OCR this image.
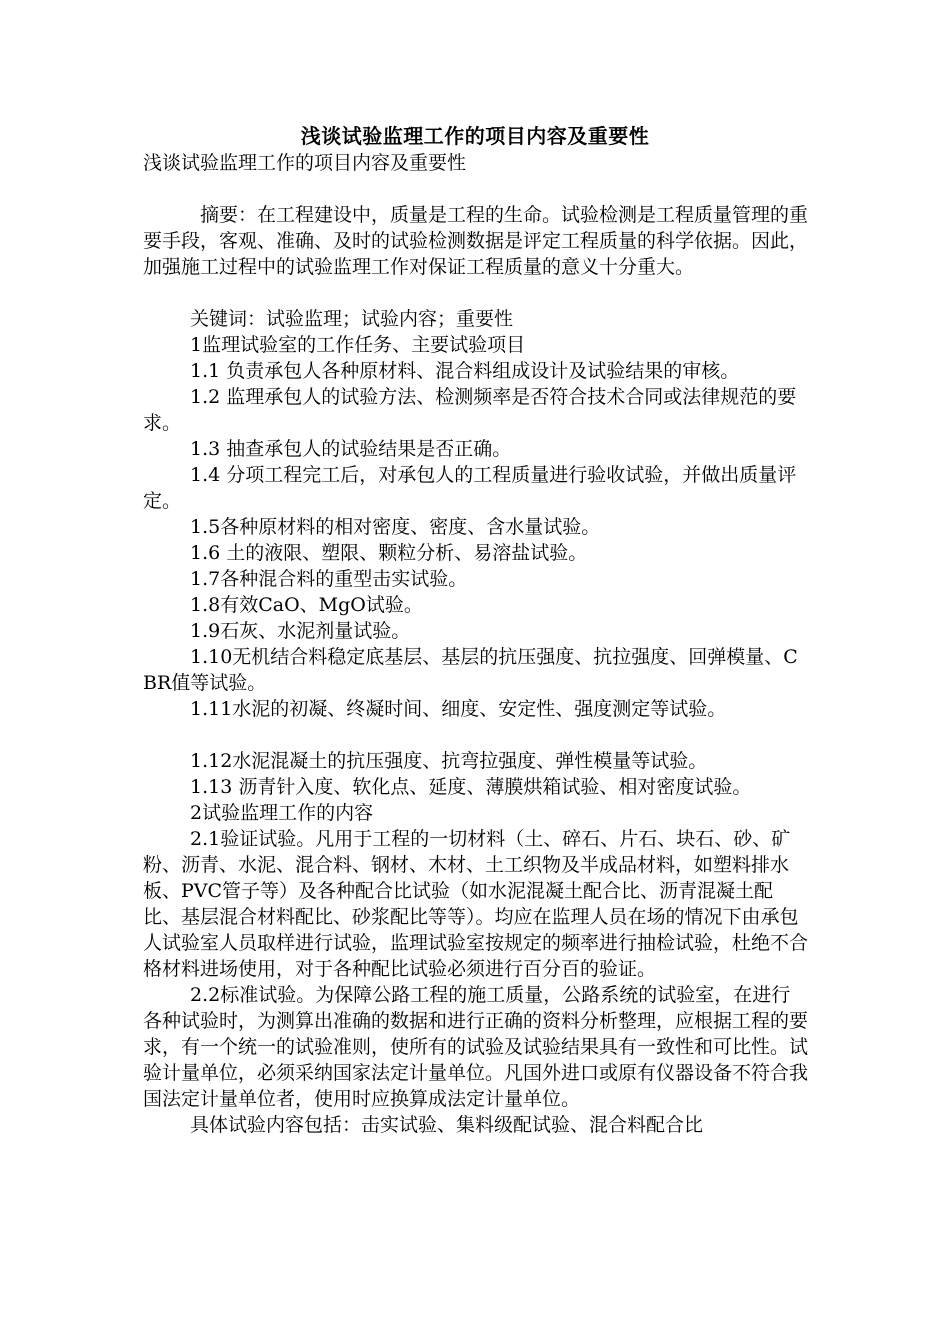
浅谈试验监理工作的项目内容及重要性

浅谈试验监理工作的项目内容及重要性

摘要：在工程建设中，质量是工程的生命。试验检测是工程质量管理的重要手段，客观、准确、及时的试验检测数据是评定工程质量的科学依据。因此，加强施工过程中的试验监理工作对保证工程质量的意义十分重大。

关键词：试验监理；试验内容；重要性

1监理试验室的工作任务、主要试验项目

1.1 负责承包人各种原材料、混合料组成设计及试验结果的审核。

1.2 监理承包人的试验方法、检测频率是否符合技术合同或法律规范的要求。

1.3 抽查承包人的试验结果是否正确。

1.4 分项工程完工后，对承包人的工程质量进行验收试验，并做出质量评定。

1.5各种原材料的相对密度、密度、含水量试验。

1.6 土的液限、塑限、颗粒分析、易溶盐试验。

1.7各种混合料的重型击实试验。

1.8有效CaO、MgO试验。

1.9石灰、水泥剂量试验。

1.10无机结合料稳定底基层、基层的抗压强度、抗拉强度、回弹模量、CBR值等试验。

1.11水泥的初凝、终凝时间、细度、安定性、强度测定等试验。

1.12水泥混凝土的抗压强度、抗弯拉强度、弹性模量等试验。

1.13 沥青针入度、软化点、延度、薄膜烘箱试验、相对密度试验。

2试验监理工作的内容

2.1验证试验。凡用于工程的一切材料（土、碎石、片石、块石、砂、矿粉、沥青、水泥、混合料、钢材、木材、土工织物及半成品材料，如塑料排水板、PVC管子等）及各种配合比试验（如水泥混凝土配合比、沥青混凝土配比、基层混合材料配比、砂浆配比等等）。均应在监理人员在场的情况下由承包人试验室人员取样进行试验，监理试验室按规定的频率进行抽检试验，杜绝不合格材料进场使用，对于各种配比试验必须进行百分百的验证。

2.2标准试验。为保障公路工程的施工质量，公路系统的试验室，在进行各种试验时，为测算出准确的数据和进行正确的资料分析整理，应根据工程的要求，有一个统一的试验准则，使所有的试验及试验结果具有一致性和可比性。试验计量单位，必须采纳国家法定计量单位。凡国外进口或原有仪器设备不符合我国法定计量单位者，使用时应换算成法定计量单位。

具体试验内容包括：击实试验、集料级配试验、混合料配合比
